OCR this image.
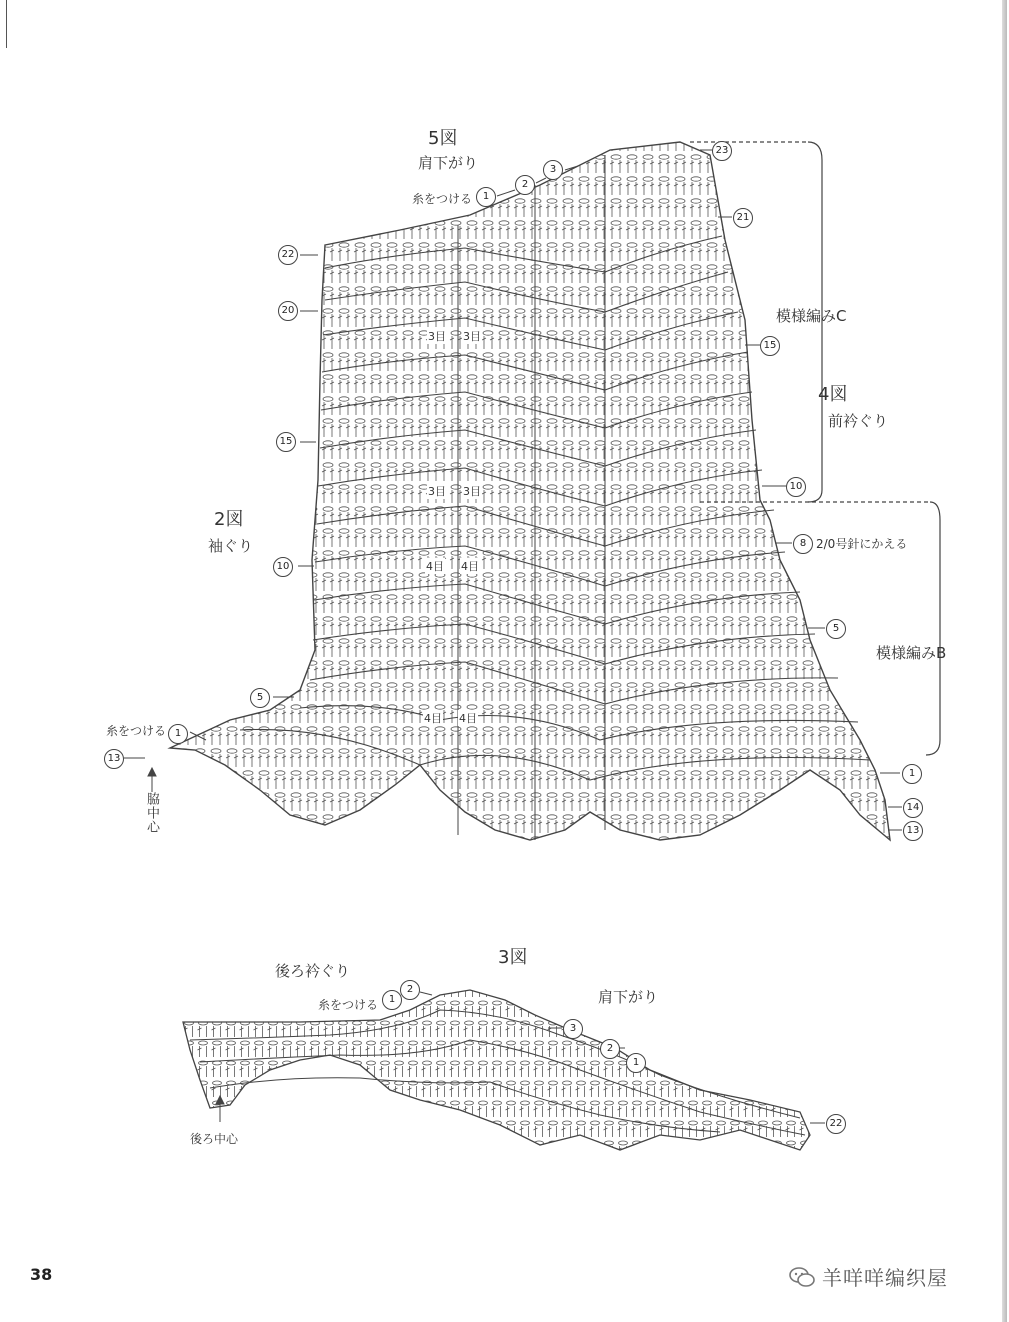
5図
肩下がり
糸をつける
2図
袖ぐり
模様編みC
4図
前衿ぐり
2/0号針にかえる
模様編みB
糸をつける
脇中心
3目 3目
3目 3目
4目 4目
4目 4目
22
20
15
10
5
1
13
1
2
3
23
21
15
10
8
5
1
14
13
3図
後ろ衿ぐり
肩下がり
糸をつける
後ろ中心
1
2
3
2
1
22
38	羊咩咩编织屋
